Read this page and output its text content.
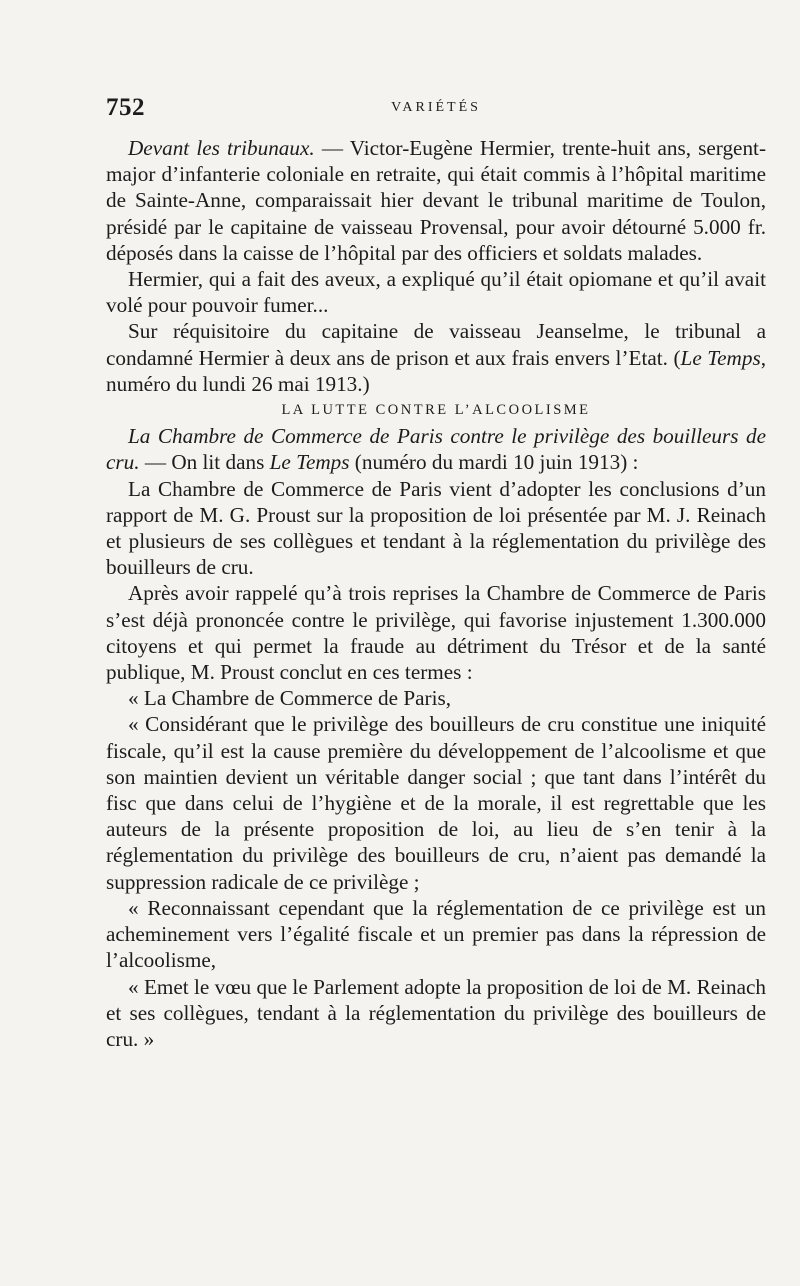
752	VARIÉTÉS

Devant les tribunaux. — Victor-Eugène Hermier, trente-huit ans, sergent-major d’infanterie coloniale en retraite, qui était commis à l’hôpital maritime de Sainte-Anne, comparaissait hier devant le tribunal maritime de Toulon, présidé par le capitaine de vaisseau Provensal, pour avoir détourné 5.000 fr. déposés dans la caisse de l’hôpital par des officiers et soldats malades.

Hermier, qui a fait des aveux, a expliqué qu’il était opiomane et qu’il avait volé pour pouvoir fumer...

Sur réquisitoire du capitaine de vaisseau Jeanselme, le tribunal a condamné Hermier à deux ans de prison et aux frais envers l’Etat. (Le Temps, numéro du lundi 26 mai 1913.)

LA LUTTE CONTRE L’ALCOOLISME

La Chambre de Commerce de Paris contre le privilège des bouilleurs de cru. — On lit dans Le Temps (numéro du mardi 10 juin 1913) :

La Chambre de Commerce de Paris vient d’adopter les conclusions d’un rapport de M. G. Proust sur la proposition de loi présentée par M. J. Reinach et plusieurs de ses collègues et tendant à la réglementation du privilège des bouilleurs de cru.

Après avoir rappelé qu’à trois reprises la Chambre de Commerce de Paris s’est déjà prononcée contre le privilège, qui favorise injustement 1.300.000 citoyens et qui permet la fraude au détriment du Trésor et de la santé publique, M. Proust conclut en ces termes :

« La Chambre de Commerce de Paris,

« Considérant que le privilège des bouilleurs de cru constitue une iniquité fiscale, qu’il est la cause première du développement de l’alcoolisme et que son maintien devient un véritable danger social ; que tant dans l’intérêt du fisc que dans celui de l’hygiène et de la morale, il est regrettable que les auteurs de la présente proposition de loi, au lieu de s’en tenir à la réglementation du privilège des bouilleurs de cru, n’aient pas demandé la suppression radicale de ce privilège ;

« Reconnaissant cependant que la réglementation de ce privilège est un acheminement vers l’égalité fiscale et un premier pas dans la répression de l’alcoolisme,

« Emet le vœu que le Parlement adopte la proposition de loi de M. Reinach et ses collègues, tendant à la réglementation du privilège des bouilleurs de cru. »
